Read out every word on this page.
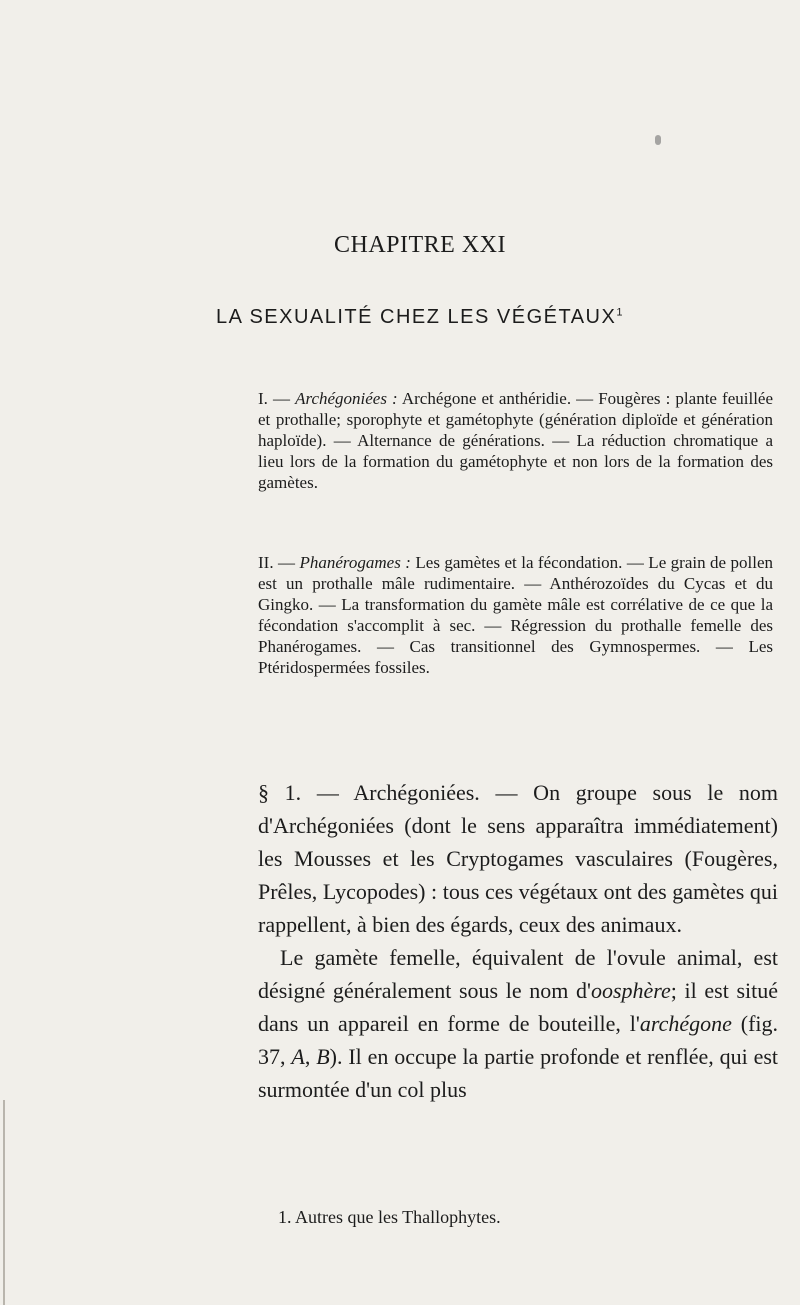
CHAPITRE XXI
LA SEXUALITÉ CHEZ LES VÉGÉTAUX$^1$

I. — Archégoniées : Archégone et anthéridie. — Fougères : plante feuillée et prothalle; sporophyte et gamétophyte (génération diploïde et génération haploïde). — Alternance de générations. — La réduction chromatique a lieu lors de la formation du gamétophyte et non lors de la formation des gamètes.

II. — Phanérogames : Les gamètes et la fécondation. — Le grain de pollen est un prothalle mâle rudimentaire. — Anthérozoïdes du Cycas et du Gingko. — La transformation du gamète mâle est corrélative de ce que la fécondation s'accomplit à sec. — Régression du prothalle femelle des Phanérogames. — Cas transitionnel des Gymnospermes. — Les Ptéridospermées fossiles.

§ 1. — Archégoniées. — On groupe sous le nom d'Archégoniées (dont le sens apparaîtra immédiatement) les Mousses et les Cryptogames vasculaires (Fougères, Prêles, Lycopodes) : tous ces végétaux ont des gamètes qui rappellent, à bien des égards, ceux des animaux.

Le gamète femelle, équivalent de l'ovule animal, est désigné généralement sous le nom d'oosphère; il est situé dans un appareil en forme de bouteille, l'archégone (fig. 37, A, B). Il en occupe la partie profonde et renflée, qui est surmontée d'un col plus

1. Autres que les Thallophytes.
